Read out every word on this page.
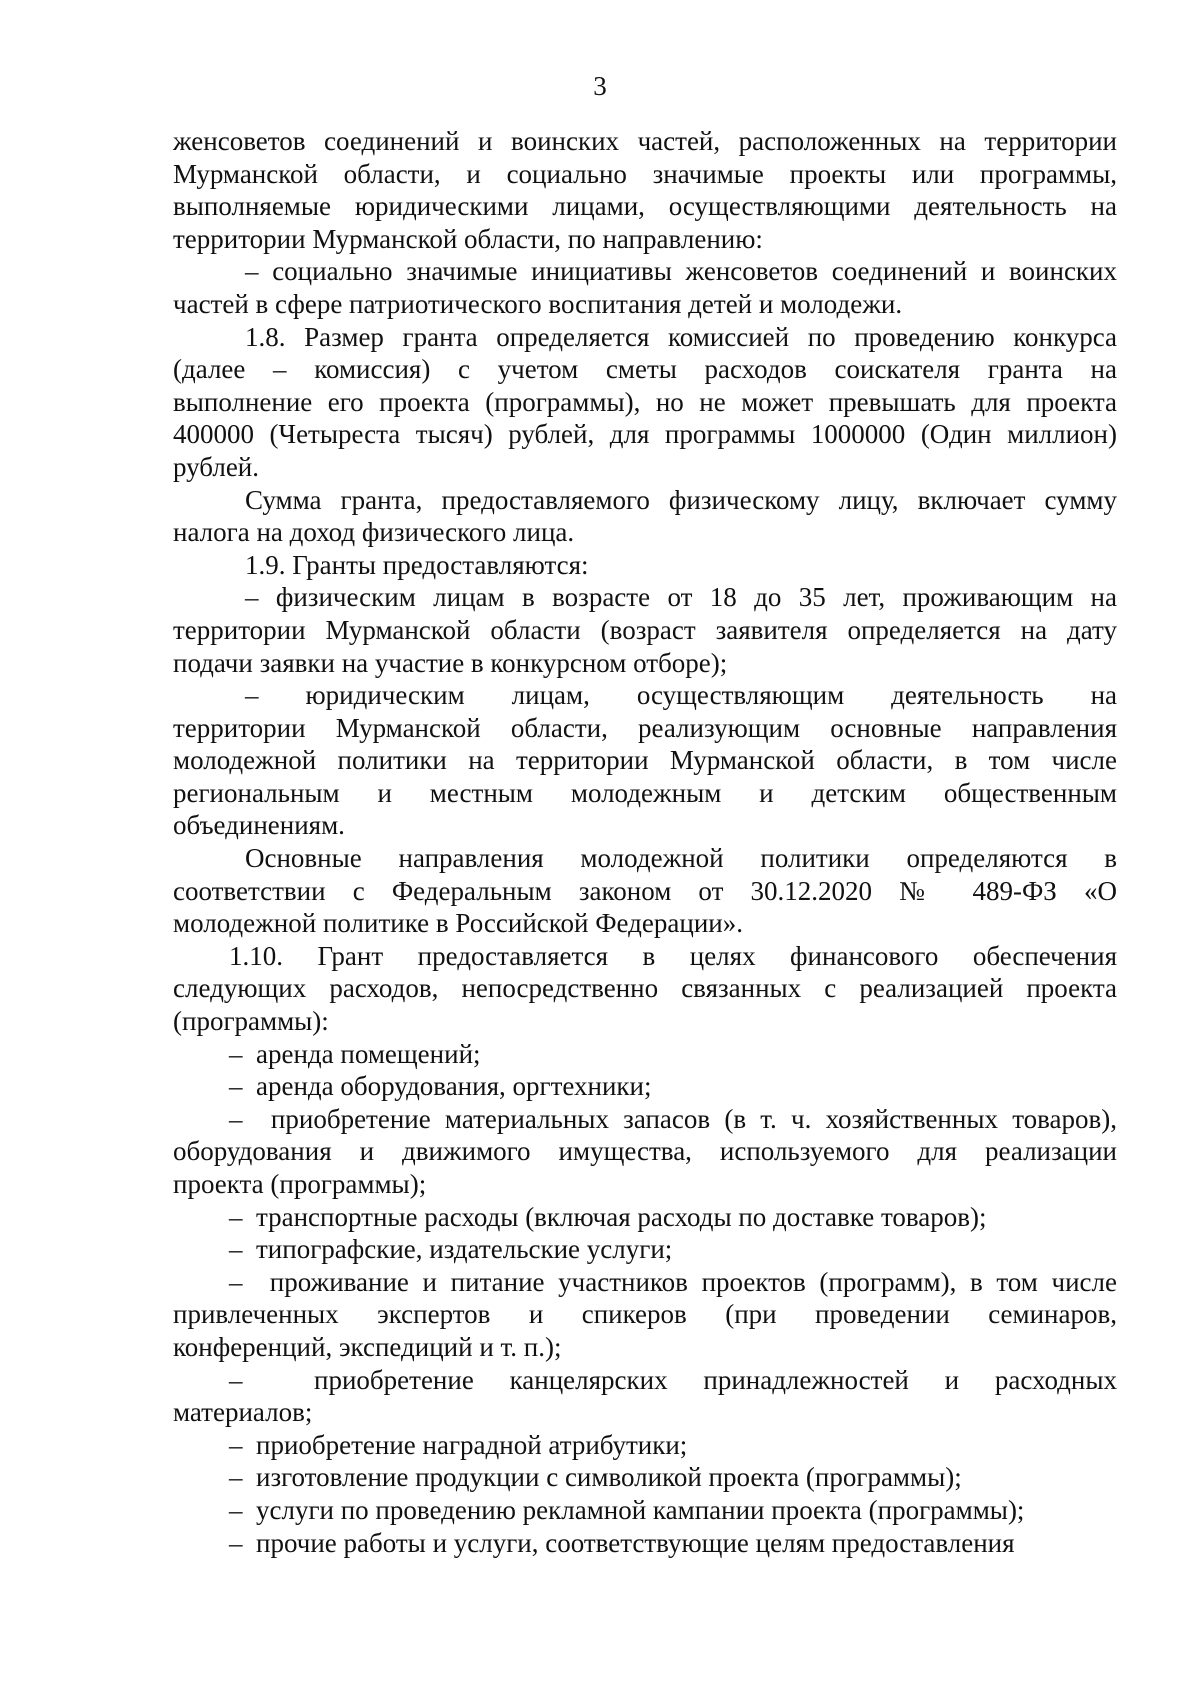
3
женсоветов соединений и воинских частей, расположенных на территории
Мурманской области, и социально значимые проекты или программы,
выполняемые юридическими лицами, осуществляющими деятельность на
территории Мурманской области, по направлению:
– социально значимые инициативы женсоветов соединений и воинских
частей в сфере патриотического воспитания детей и молодежи.
1.8. Размер гранта определяется комиссией по проведению конкурса
(далее – комиссия) с учетом сметы расходов соискателя гранта на
выполнение его проекта (программы), но не может превышать для проекта
400000 (Четыреста тысяч) рублей, для программы 1000000 (Один миллион)
рублей.
Сумма гранта, предоставляемого физическому лицу, включает сумму
налога на доход физического лица.
1.9. Гранты предоставляются:
– физическим лицам в возрасте от 18 до 35 лет, проживающим на
территории Мурманской области (возраст заявителя определяется на дату
подачи заявки на участие в конкурсном отборе);
– юридическим лицам, осуществляющим деятельность на
территории Мурманской области, реализующим основные направления
молодежной политики на территории Мурманской области, в том числе
региональным и местным молодежным и детским общественным
объединениям.
Основные направления молодежной политики определяются в
соответствии с Федеральным законом от 30.12.2020 № 489-ФЗ «О
молодежной политике в Российской Федерации».
1.10. Грант предоставляется в целях финансового обеспечения
следующих расходов, непосредственно связанных с реализацией проекта
(программы):
–  аренда помещений;
–  аренда оборудования, оргтехники;
–  приобретение материальных запасов (в т. ч. хозяйственных товаров),
оборудования и движимого имущества, используемого для реализации
проекта (программы);
–  транспортные расходы (включая расходы по доставке товаров);
–  типографские, издательские услуги;
–  проживание и питание участников проектов (программ), в том числе
привлеченных экспертов и спикеров (при проведении семинаров,
конференций, экспедиций и т. п.);
–  приобретение канцелярских принадлежностей и расходных
материалов;
–  приобретение наградной атрибутики;
–  изготовление продукции с символикой проекта (программы);
–  услуги по проведению рекламной кампании проекта (программы);
–  прочие работы и услуги, соответствующие целям предоставления
